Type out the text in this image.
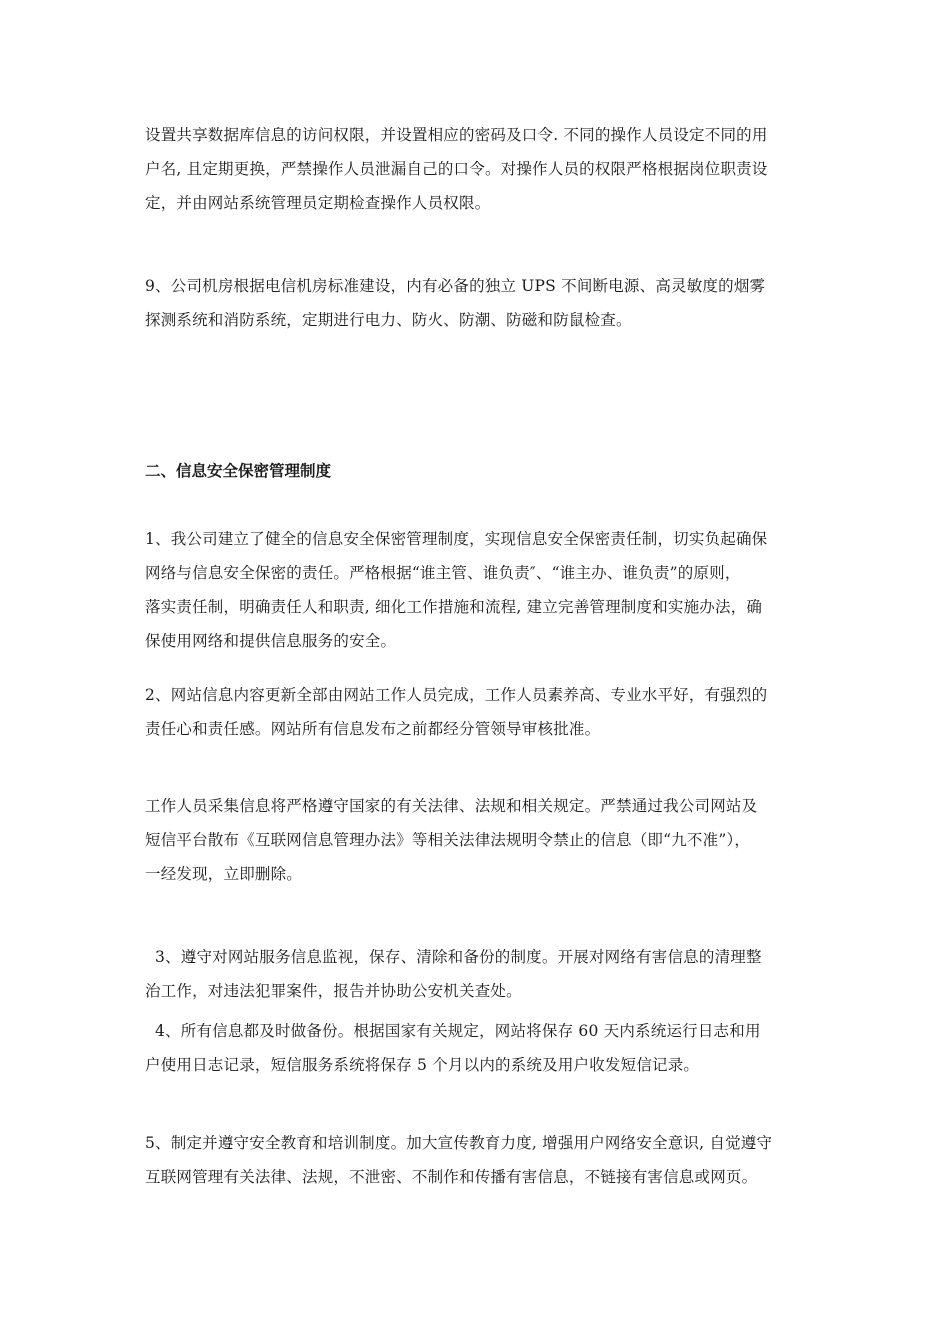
设置共享数据库信息的访问权限，并设置相应的密码及口令. 不同的操作人员设定不同的用
户名, 且定期更换，严禁操作人员泄漏自己的口令。对操作人员的权限严格根据岗位职责设
定，并由网站系统管理员定期检查操作人员权限。

9、公司机房根据电信机房标准建设，内有必备的独立 UPS 不间断电源、高灵敏度的烟雾
探测系统和消防系统，定期进行电力、防火、防潮、防磁和防鼠检查。

二、信息安全保密管理制度

1、我公司建立了健全的信息安全保密管理制度，实现信息安全保密责任制，切实负起确保
网络与信息安全保密的责任。严格根据“谁主管、谁负责″、“谁主办、谁负责”的原则，
落实责任制，明确责任人和职责, 细化工作措施和流程, 建立完善管理制度和实施办法，确
保使用网络和提供信息服务的安全。

2、网站信息内容更新全部由网站工作人员完成，工作人员素养高、专业水平好，有强烈的
责任心和责任感。网站所有信息发布之前都经分管领导审核批准。

工作人员采集信息将严格遵守国家的有关法律、法规和相关规定。严禁通过我公司网站及
短信平台散布《互联网信息管理办法》等相关法律法规明令禁止的信息（即“九不准”），
一经发现，立即删除。

3、遵守对网站服务信息监视，保存、清除和备份的制度。开展对网络有害信息的清理整
治工作，对违法犯罪案件，报告并协助公安机关查处。

4、所有信息都及时做备份。根据国家有关规定，网站将保存 60 天内系统运行日志和用
户使用日志记录，短信服务系统将保存 5 个月以内的系统及用户收发短信记录。

5、制定并遵守安全教育和培训制度。加大宣传教育力度, 增强用户网络安全意识, 自觉遵守
互联网管理有关法律、法规，不泄密、不制作和传播有害信息，不链接有害信息或网页。
